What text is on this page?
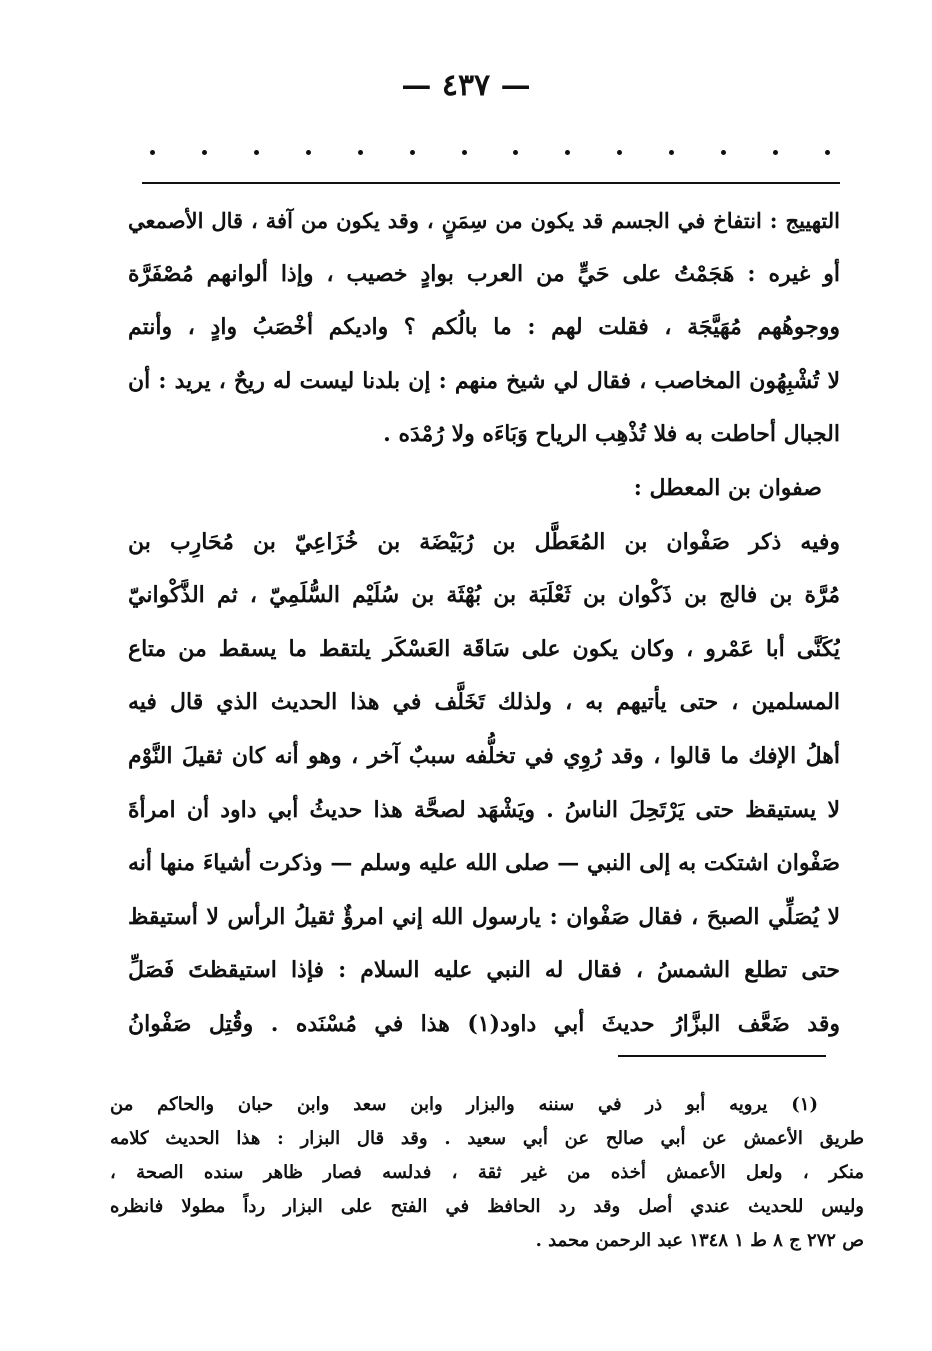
— ٤٣٧ —
التهييج : انتفاخ في الجسم قد يكون من سِمَنٍ ، وقد يكون من آفة ، قال الأصمعي
أو غيره : هَجَمْتُ على حَيٍّ من العرب بوادٍ خصيب ، وإذا ألوانهم مُصْفَرَّة
ووجوهُهم مُهَيَّجَة ، فقلت لهم : ما بالُكم ؟ واديكم أخْصَبُ وادٍ ، وأنتم
لا تُشْبِهُون المخاصب ، فقال لي شيخ منهم : إن بلدنا ليست له ريحٌ ، يريد : أن
الجبال أحاطت به فلا تُذْهِب الرياح وَبَاءَه ولا رُمْدَه .
صفوان بن المعطل :
وفيه ذكر صَفْوان بن المُعَطَّل بن رُبَيْضَة بن خُزَاعِيّ بن مُحَارِب بن
مُرَّة بن فالج بن ذَكْوان بن ثَعْلَبَة بن بُهْثَة بن سُلَيْم السُّلَمِيّ ، ثم الذَّكْوانيّ
يُكَنَّى أبا عَمْرو ، وكان يكون على سَاقَة العَسْكَر يلتقط ما يسقط من متاع
المسلمين ، حتى يأتيهم به ، ولذلك تَخَلَّف في هذا الحديث الذي قال فيه
أهلُ الإفك ما قالوا ، وقد رُوِي في تخلُّفه سببٌ آخر ، وهو أنه كان ثقيلَ النَّوْم
لا يستيقظ حتى يَرْتَحِلَ الناسُ . ويَشْهَد لصحَّة هذا حديثُ أبي داود أن امرأةَ
صَفْوان اشتكت به إلى النبي — صلى الله عليه وسلم — وذكرت أشياءَ منها أنه
لا يُصَلِّي الصبحَ ، فقال صَفْوان : يارسول الله إني امرؤٌ ثقيلُ الرأس لا أستيقظ
حتى تطلع الشمسُ ، فقال له النبي عليه السلام : فإذا استيقظتَ فَصَلِّ
وقد ضَعَّف البزَّارُ حديثَ أبي داود(١) هذا في مُسْنَده . وقُتِل صَفْوانُ
(١) يرويه أبو ذر في سننه والبزار وابن سعد وابن حبان والحاكم من
طريق الأعمش عن أبي صالح عن أبي سعيد . وقد قال البزار : هذا الحديث كلامه
منكر ، ولعل الأعمش أخذه من غير ثقة ، فدلسه فصار ظاهر سنده الصحة ،
وليس للحديث عندي أصل وقد رد الحافظ في الفتح على البزار رداً مطولا فانظره
ص ٢٧٢ ج ٨ ط ١ ١٣٤٨ عبد الرحمن محمد .
